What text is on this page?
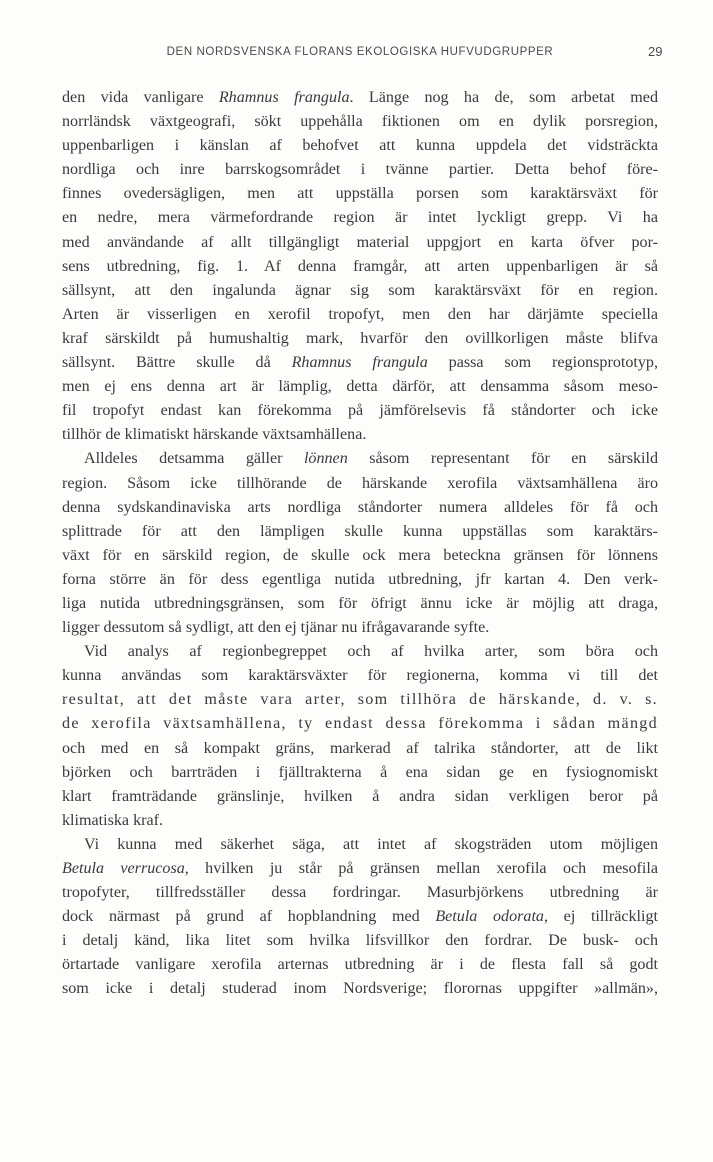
DEN NORDSVENSKA FLORANS EKOLOGISKA HUFVUDGRUPPER	29
den vida vanligare Rhamnus frangula. Länge nog ha de, som arbetat med
norrländsk växtgeografi, sökt uppehålla fiktionen om en dylik porsregion,
uppenbarligen i känslan af behofvet att kunna uppdela det vidsträckta
nordliga och inre barrskogsområdet i tvänne partier. Detta behof före-
finnes ovedersägligen, men att uppställa porsen som karaktärsväxt för
en nedre, mera värmefordrande region är intet lyckligt grepp. Vi ha
med användande af allt tillgängligt material uppgjort en karta öfver por-
sens utbredning, fig. 1. Af denna framgår, att arten uppenbarligen är så
sällsynt, att den ingalunda ägnar sig som karaktärsväxt för en region.
Arten är visserligen en xerofil tropofyt, men den har därjämte speciella
kraf särskildt på humushaltig mark, hvarför den ovillkorligen måste blifva
sällsynt. Bättre skulle då Rhamnus frangula passa som regionsprototyp,
men ej ens denna art är lämplig, detta därför, att densamma såsom meso-
fil tropofyt endast kan förekomma på jämförelsevis få ståndorter och icke
tillhör de klimatiskt härskande växtsamhällena.
Alldeles detsamma gäller lönnen såsom representant för en särskild
region. Såsom icke tillhörande de härskande xerofila växtsamhällena äro
denna sydskandinaviska arts nordliga ståndorter numera alldeles för få och
splittrade för att den lämpligen skulle kunna uppställas som karaktärs-
växt för en särskild region, de skulle ock mera beteckna gränsen för lönnens
forna större än för dess egentliga nutida utbredning, jfr kartan 4. Den verk-
liga nutida utbredningsgränsen, som för öfrigt ännu icke är möjlig att draga,
ligger dessutom så sydligt, att den ej tjänar nu ifrågavarande syfte.
Vid analys af regionbegreppet och af hvilka arter, som böra och
kunna användas som karaktärsväxter för regionerna, komma vi till det
resultat, att det måste vara arter, som tillhöra de härskande, d. v. s.
de xerofila växtsamhällena, ty endast dessa förekomma i sådan mängd
och med en så kompakt gräns, markerad af talrika ståndorter, att de likt
björken och barrträden i fjälltrakterna å ena sidan ge en fysiognomiskt
klart framträdande gränslinje, hvilken å andra sidan verkligen beror på
klimatiska kraf.
Vi kunna med säkerhet säga, att intet af skogsträden utom möjligen
Betula verrucosa, hvilken ju står på gränsen mellan xerofila och mesofila
tropofyter, tillfredsställer dessa fordringar. Masurbjörkens utbredning är
dock närmast på grund af hopblandning med Betula odorata, ej tillräckligt
i detalj känd, lika litet som hvilka lifsvillkor den fordrar. De busk- och
örtartade vanligare xerofila arternas utbredning är i de flesta fall så godt
som icke i detalj studerad inom Nordsverige; florornas uppgifter »allmän»,
